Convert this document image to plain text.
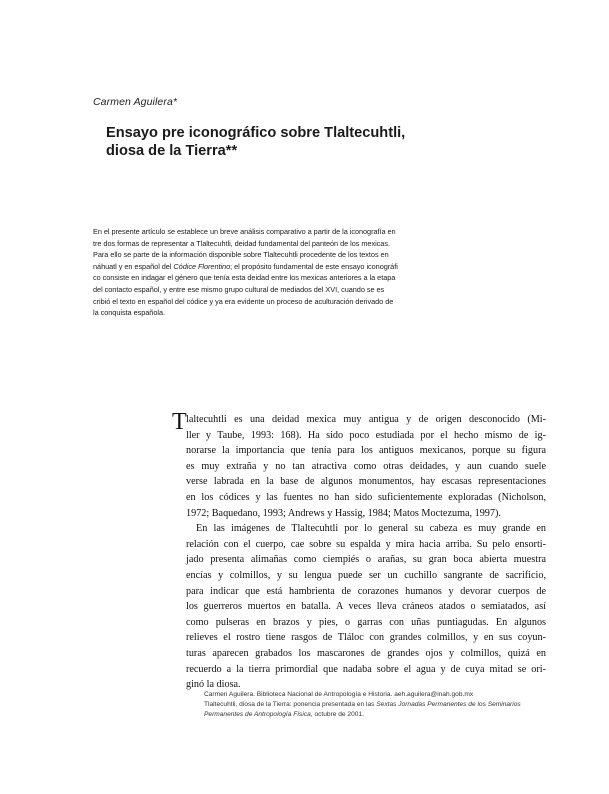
Carmen Aguilera*
Ensayo pre iconográfico sobre Tlaltecuhtli,
diosa de la Tierra**
En el presente artículo se establece un breve análisis comparativo a partir de la iconografía en
tre dos formas de representar a Tlaltecuhtli, deidad fundamental del panteón de los mexicas.
Para ello se parte de la información disponible sobre Tlaltecuhtli procedente de los textos en
náhuatl y en español del Códice Florentino; el propósito fundamental de este ensayo iconográfi
co consiste en indagar el género que tenía esta deidad entre los mexicas anteriores a la etapa
del contacto español, y entre ese mismo grupo cultural de mediados del XVI, cuando se es
cribió el texto en español del códice y ya era evidente un proceso de aculturación derivado de
la conquista española.
T laltecuhtli es una deidad mexica muy antigua y de origen desconocido (Mi-
ller y Taube, 1993: 168). Ha sido poco estudiada por el hecho mismo de ig-
norarse la importancia que tenía para los antiguos mexicanos, porque su figura
es muy extraña y no tan atractiva como otras deidades, y aun cuando suele
verse labrada en la base de algunos monumentos, hay escasas representaciones
en los códices y las fuentes no han sido suficientemente exploradas (Nicholson,
1972; Baquedano, 1993; Andrews y Hassig, 1984; Matos Moctezuma, 1997).
En las imágenes de Tlaltecuhtli por lo general su cabeza es muy grande en
relación con el cuerpo, cae sobre su espalda y mira hacia arriba. Su pelo ensorti-
jado presenta alimañas como ciempiés o arañas, su gran boca abierta muestra
encías y colmillos, y su lengua puede ser un cuchillo sangrante de sacrificio,
para indicar que está hambrienta de corazones humanos y devorar cuerpos de
los guerreros muertos en batalla. A veces lleva cráneos atados o semiatados, así
como pulseras en brazos y pies, o garras con uñas puntiagudas. En algunos
relieves el rostro tiene rasgos de Tláloc con grandes colmillos, y en sus coyun-
turas aparecen grabados los mascarones de grandes ojos y colmillos, quizá en
recuerdo a la tierra primordial que nadaba sobre el agua y de cuya mitad se ori-
ginó la diosa.
Carmen Aguilera. Biblioteca Nacional de Antropología e Historia. aeh.aguilera@inah.gob.mx
Tlaltecuhtli, diosa de la Tierra: ponencia presentada en las Sextas Jornadas Permanentes de los Seminarios
Permanentes de Antropología Física, octubre de 2001.
